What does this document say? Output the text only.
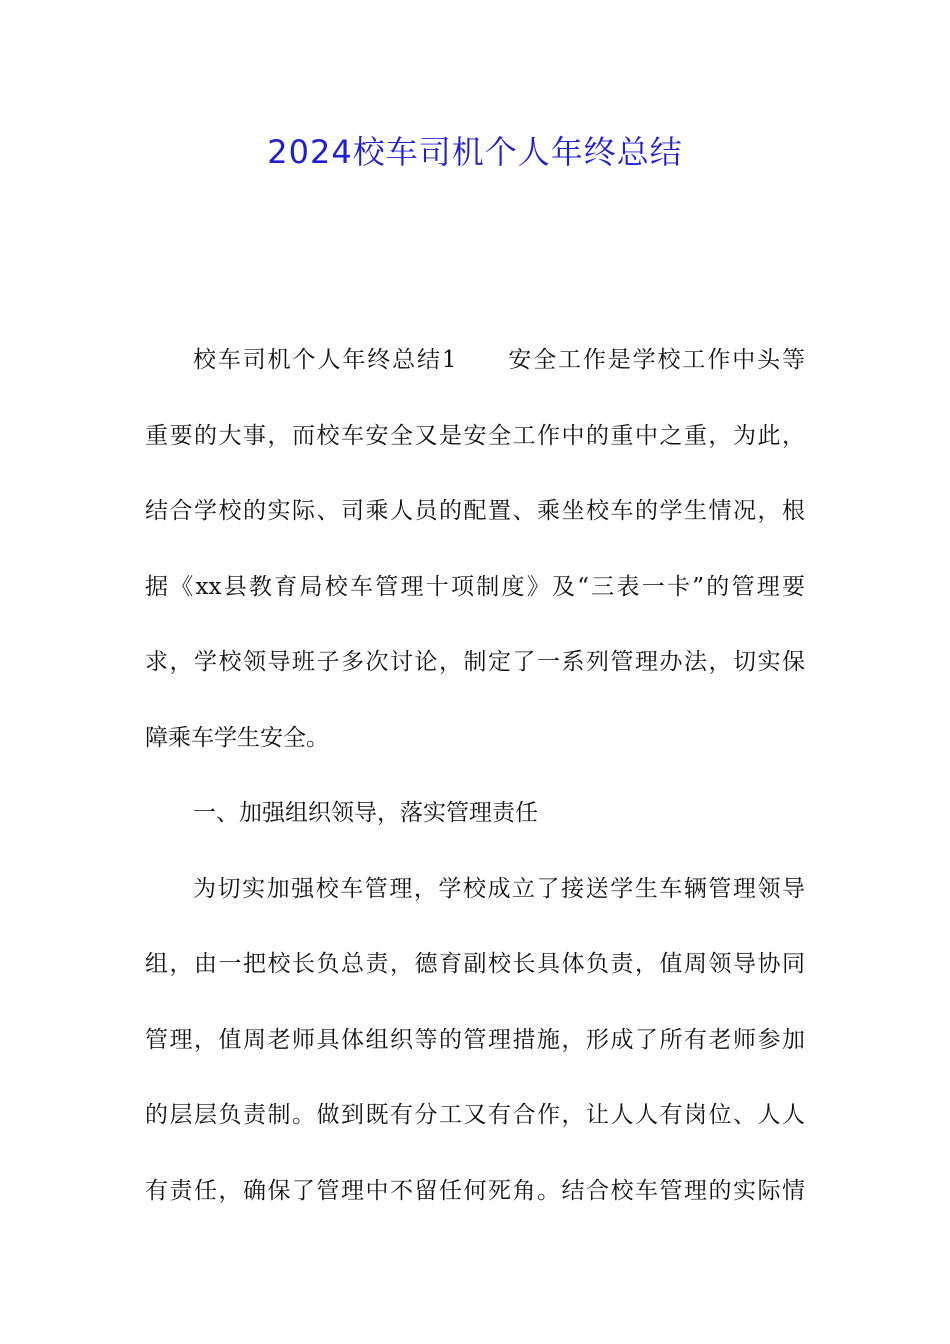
2024校车司机个人年终总结

校车司机个人年终总结1　　安全工作是学校工作中头等

重要的大事，而校车安全又是安全工作中的重中之重，为此，

结合学校的实际、司乘人员的配置、乘坐校车的学生情况，根

据《xx县教育局校车管理十项制度》及“三表一卡”的管理要

求，学校领导班子多次讨论，制定了一系列管理办法，切实保

障乘车学生安全。

一、加强组织领导，落实管理责任

为切实加强校车管理，学校成立了接送学生车辆管理领导

组，由一把校长负总责，德育副校长具体负责，值周领导协同

管理，值周老师具体组织等的管理措施，形成了所有老师参加

的层层负责制。做到既有分工又有合作，让人人有岗位、人人

有责任，确保了管理中不留任何死角。结合校车管理的实际情
